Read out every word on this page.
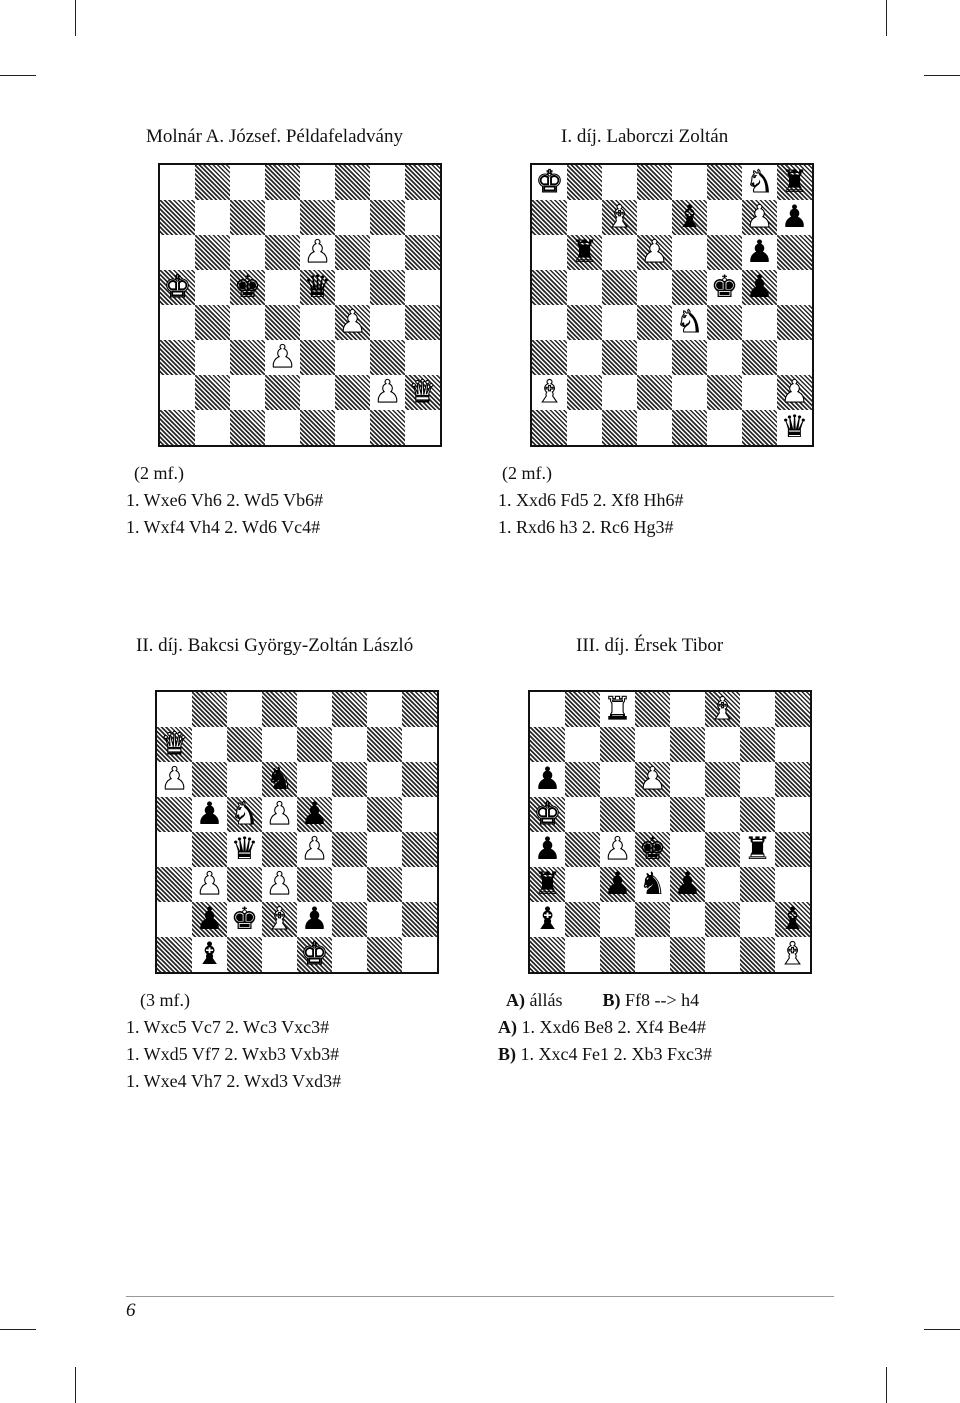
Molnár A. József. Példafeladvány
♟
♚ ♚ ♛
♟
♟
♟ ♛
(2 mf.)
1. Wxe6 Vh6 2. Wd5 Vb6#
1. Wxf4 Vh4 2. Wd6 Vc4#
I. díj. Laborczi Zoltán
♚	♞ ♜
♝ ♝ ♟ ♟
♜ ♟ ♟
♚ ♟
♞
♝	♟
♛
(2 mf.)
1. Xxd6 Fd5 2. Xf8 Hh6#
1. Rxd6 h3 2. Rc6 Hg3#
II. díj. Bakcsi György-Zoltán László
♛
♟ ♞
♟ ♞ ♟ ♟
♛ ♟
♟ ♟
♟ ♚ ♝ ♟
♝ ♚
(3 mf.)
1. Wxc5 Vc7 2. Wc3 Vxc3#
1. Wxd5 Vf7 2. Wxb3 Vxb3#
1. Wxe4 Vh7 2. Wxd3 Vxd3#
III. díj. Érsek Tibor
♜ ♝
♟ ♟
♚
♟ ♟ ♚ ♜
♜ ♟ ♞ ♟
♝	♝
♝
A) állás B) Ff8 --> h4
A) 1. Xxd6 Be8 2. Xf4 Be4#
B) 1. Xxc4 Fe1 2. Xb3 Fxc3#
6
